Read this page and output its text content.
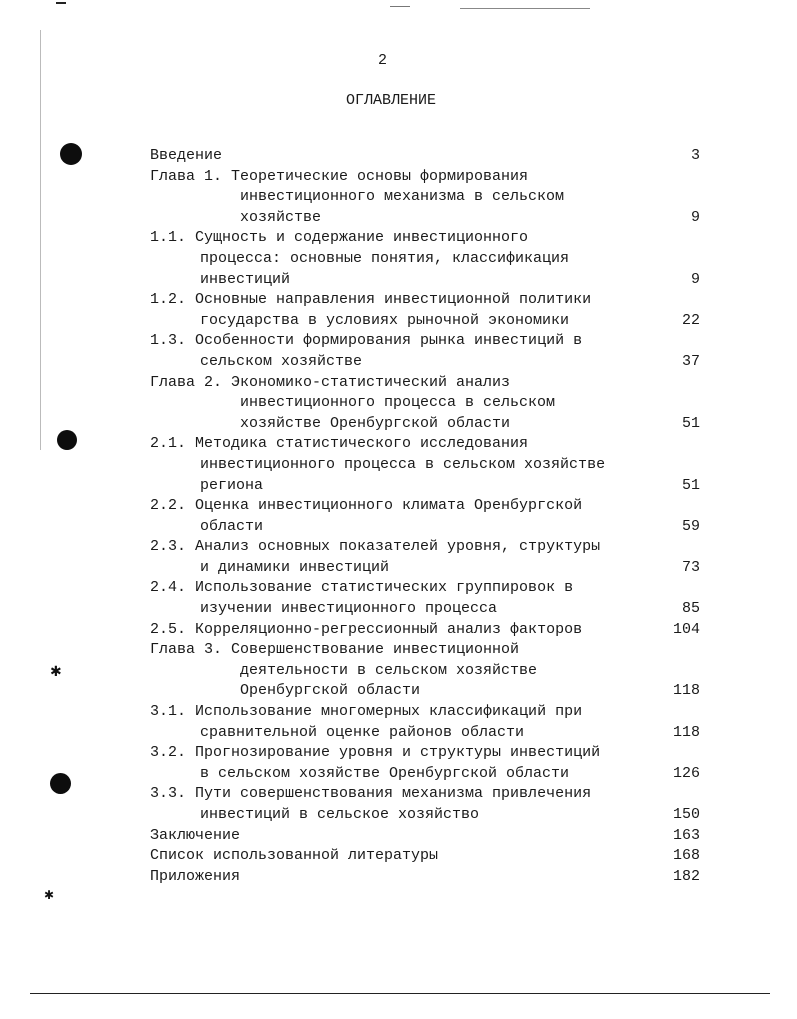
✱
✱
2
ОГЛАВЛЕНИЕ
Введение	3
Глава 1. Теоретические основы формирования
инвестиционного механизма в сельском
хозяйстве	9
1.1. Сущность и содержание инвестиционного
процесса: основные понятия, классификация
инвестиций	9
1.2. Основные направления инвестиционной политики
государства в условиях рыночной экономики	22
1.3. Особенности формирования рынка инвестиций в
сельском хозяйстве	37
Глава 2. Экономико-статистический анализ
инвестиционного процесса в сельском
хозяйстве Оренбургской области	51
2.1. Методика статистического исследования
инвестиционного процесса в сельском хозяйстве
региона	51
2.2. Оценка инвестиционного климата Оренбургской
области	59
2.3. Анализ основных показателей уровня, структуры
и динамики инвестиций	73
2.4. Использование статистических группировок в
изучении инвестиционного процесса	85
2.5. Корреляционно-регрессионный анализ факторов	104
Глава 3. Совершенствование инвестиционной
деятельности в сельском хозяйстве
Оренбургской области	118
3.1. Использование многомерных классификаций при
сравнительной оценке районов области	118
3.2. Прогнозирование уровня и структуры инвестиций
в сельском хозяйстве Оренбургской области	126
3.3. Пути совершенствования механизма привлечения
инвестиций в сельское хозяйство	150
Заключение	163
Список использованной литературы	168
Приложения	182
